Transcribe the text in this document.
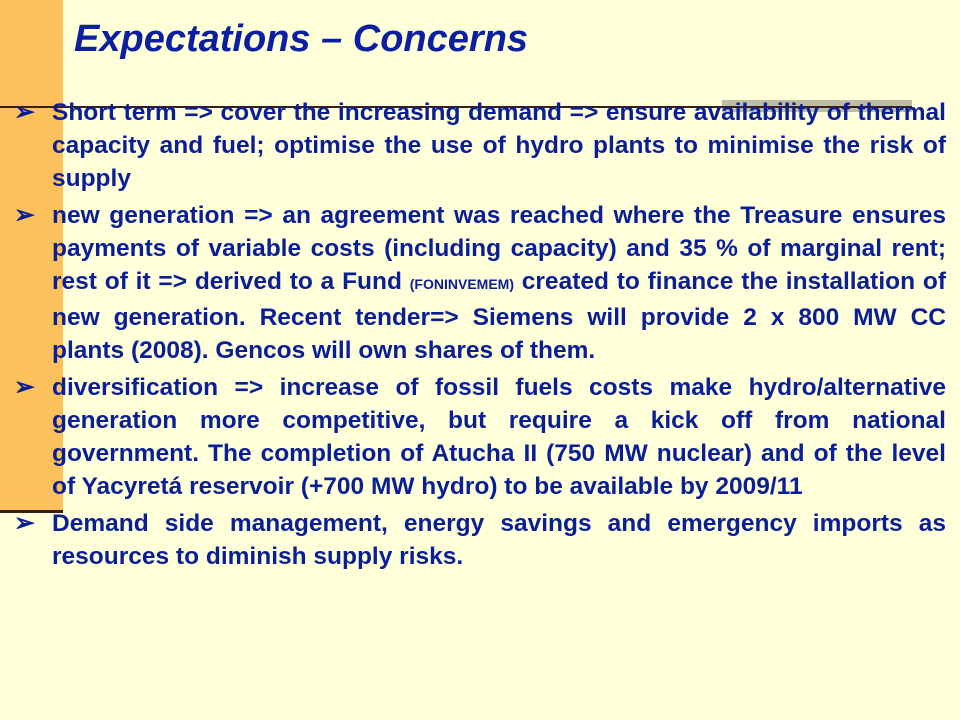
Expectations – Concerns
➢ Short term => cover the increasing demand => ensure availability of thermal capacity and fuel; optimise the use of hydro plants to minimise the risk of supply
➢ new generation => an agreement was reached where the Treasure ensures payments of variable costs (including capacity) and 35 % of marginal rent; rest of it => derived to a Fund (FONINVEMEM) created to finance the installation of new generation. Recent tender=> Siemens will provide 2 x 800 MW CC plants (2008). Gencos will own shares of them.
➢ diversification => increase of fossil fuels costs make hydro/alternative generation more competitive, but require a kick off from national government. The completion of Atucha II (750 MW nuclear) and of the level of Yacyretá reservoir (+700 MW hydro) to be available by 2009/11
➢ Demand side management, energy savings and emergency imports as resources to diminish supply risks.
